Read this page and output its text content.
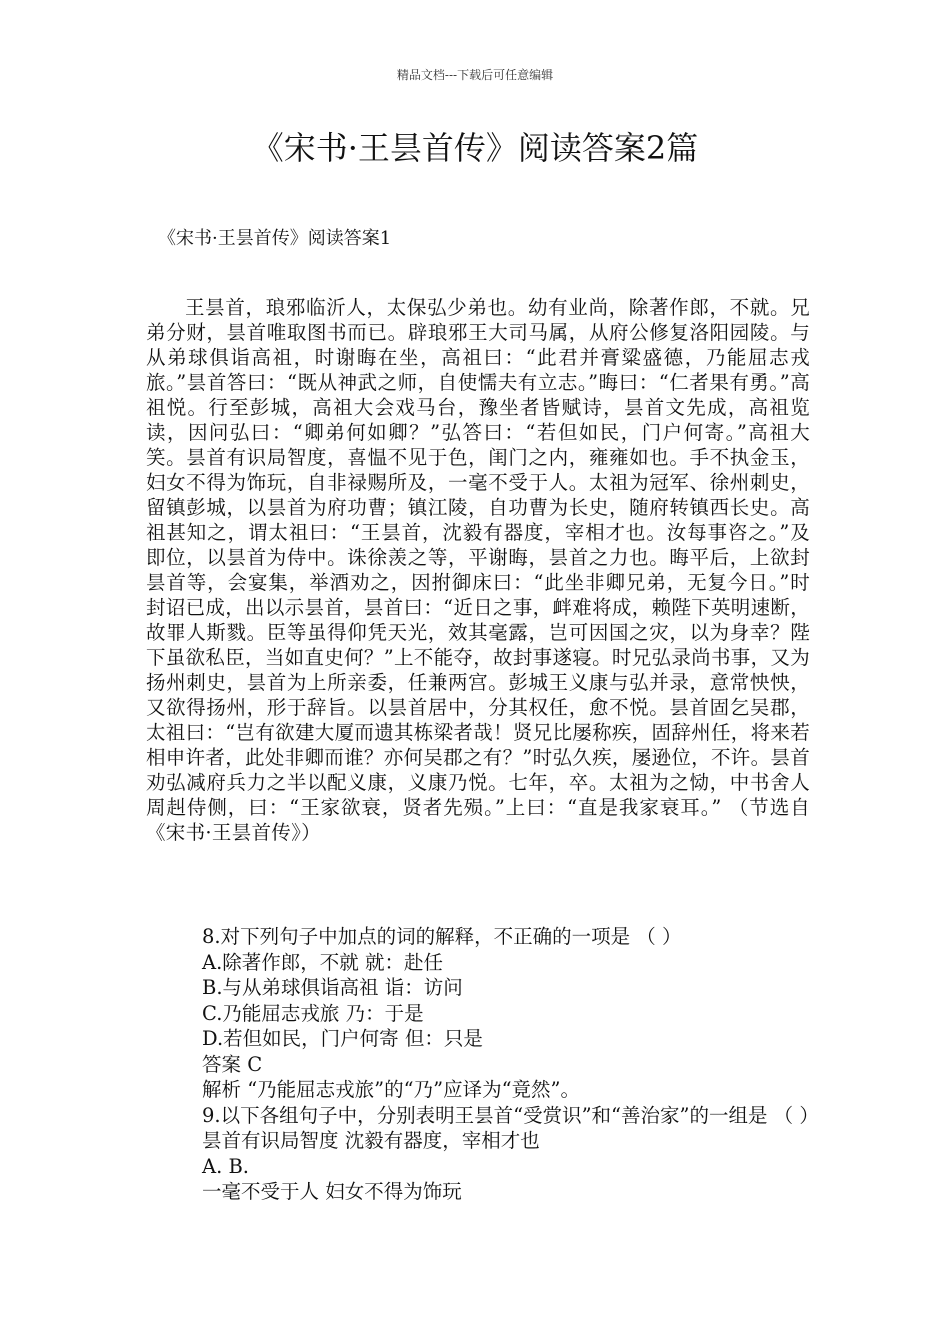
精品文档---下载后可任意编辑
《宋书·王昙首传》阅读答案2篇
《宋书·王昙首传》阅读答案1

王昙首，琅邪临沂人，太保弘少弟也。幼有业尚，除著作郎，不就。兄弟分财，昙首唯取图书而已。辟琅邪王大司马属，从府公修复洛阳园陵。与从弟球俱诣高祖，时谢晦在坐，高祖曰：“此君并膏粱盛德，乃能屈志戎旅。”昙首答曰：“既从神武之师，自使懦夫有立志。”晦曰：“仁者果有勇。”高祖悦。行至彭城，高祖大会戏马台，豫坐者皆赋诗，昙首文先成，高祖览读，因问弘曰：“卿弟何如卿？”弘答曰：“若但如民，门户何寄。”高祖大笑。昙首有识局智度，喜愠不见于色，闺门之内，雍雍如也。手不执金玉，妇女不得为饰玩，自非禄赐所及，一毫不受于人。太祖为冠军、徐州刺史，留镇彭城，以昙首为府功曹；镇江陵，自功曹为长史，随府转镇西长史。高祖甚知之，谓太祖曰：“王昙首，沈毅有器度，宰相才也。汝每事咨之。”及即位，以昙首为侍中。诛徐羡之等，平谢晦，昙首之力也。晦平后，上欲封昙首等，会宴集，举酒劝之，因拊御床曰：“此坐非卿兄弟，无复今日。”时封诏已成，出以示昙首，昙首曰：“近日之事，衅难将成，赖陛下英明速断，故罪人斯戮。臣等虽得仰凭天光，效其毫露，岂可因国之灾，以为身幸？陛下虽欲私臣，当如直史何？”上不能夺，故封事遂寝。时兄弘录尚书事，又为扬州刺史，昙首为上所亲委，任兼两宫。彭城王义康与弘并录，意常怏怏，又欲得扬州，形于辞旨。以昙首居中，分其权任，愈不悦。昙首固乞吴郡，太祖曰：“岂有欲建大厦而遗其栋梁者哉！贤兄比屡称疾，固辞州任，将来若相申许者，此处非卿而谁？亦何吴郡之有？”时弘久疾，屡逊位，不许。昙首劝弘减府兵力之半以配义康，义康乃悦。七年，卒。太祖为之恸，中书舍人周赳侍侧，曰：“王家欲衰，贤者先殒。”上曰：“直是我家衰耳。” （节选自《宋书·王昙首传》）

8.对下列句子中加点的词的解释，不正确的一项是 （ ）

A.除著作郎，不就 就：赴任

B.与从弟球俱诣高祖 诣：访问

C.乃能屈志戎旅 乃：于是

D.若但如民，门户何寄 但：只是

答案 C

解析 “乃能屈志戎旅”的“乃”应译为“竟然”。

9.以下各组句子中，分别表明王昙首“受赏识”和“善治家”的一组是 （ ）

昙首有识局智度 沈毅有器度，宰相才也

A. B.

一毫不受于人 妇女不得为饰玩
